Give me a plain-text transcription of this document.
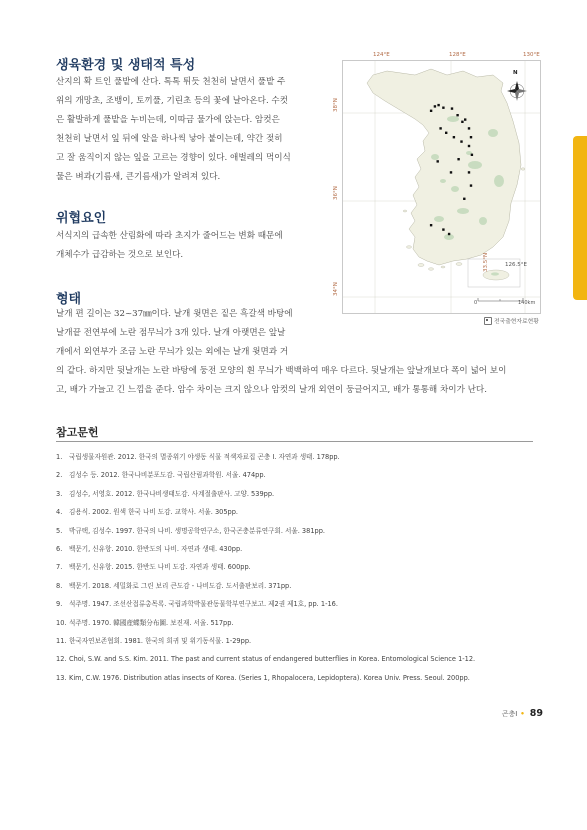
생육환경 및 생태적 특성

산지의 확 트인 풀밭에 산다. 톡톡 튀듯 천천히 날면서 풀밭 주
위의 개망초, 조뱅이, 토끼풀, 기린초 등의 꽃에 날아온다. 수컷
은 활발하게 풀밭을 누비는데, 이따금 물가에 앉는다. 암컷은
천천히 날면서 잎 뒤에 알을 하나씩 낳아 붙이는데, 약간 젖히
고 잘 움직이지 않는 잎을 고르는 경향이 있다. 애벌레의 먹이식
물은 벼과(기름새, 큰기름새)가 알려져 있다.

위협요인

서식지의 급속한 산림화에 따라 초지가 줄어드는 변화 때문에
개체수가 급감하는 것으로 보인다.

형태

날개 편 길이는 32~37㎜이다. 날개 윗면은 짙은 흑갈색 바탕에
날개끝 전연부에 노란 점무늬가 3개 있다. 날개 아랫면은 앞날
개에서 외연부가 조금 노란 무늬가 있는 외에는 날개 윗면과 거
의 같다. 하지만 뒷날개는 노란 바탕에 둥전 모양의 흰 무늬가 백백하여 매우 다르다. 뒷날개는 앞날개보다 폭이 넓어 보이
고, 배가 가늘고 긴 느낌을 준다. 암수 차이는 크지 않으나 암컷의 날개 외연이 둥글어지고, 배가 통통해 차이가 난다.

124°E	128°E	130°E
38°N
36°N
34°N
126.5°E
33.5°N
N
0	140km
전국출현자료현황
참고문헌
1. 국립생물자원관. 2012. 한국의 멸종위기 야생동 식물 적색자료집 곤충 I. 자연과 생태. 178pp.
2. 김성수 등. 2012. 한국나비분포도감. 국립산림과학원. 서울. 474pp.
3. 김성수, 서영호. 2012. 한국나비생태도감. 사계절출판사. 고양. 539pp.
4. 김용식. 2002. 원색 한국 나비 도감. 교학사. 서울. 305pp.
5. 박규택, 김성수. 1997. 한국의 나비. 생명공학연구소, 한국곤충분류연구회. 서울. 381pp.
6. 백문기, 신유항. 2010. 한반도의 나비. 자연과 생태. 430pp.
7. 백문기, 신유항. 2015. 한반도 나비 도감. 자연과 생태. 600pp.
8. 백문기. 2018. 세밀화로 그린 보리 큰도감 - 나비도감. 도서출판보리. 371pp.
9. 석주명. 1947. 조선산접류총목록. 국립과학박물관동물학부연구보고. 제2권 제1호, pp. 1-16.
10. 석주명. 1970. 韓國産蝶類分布圖. 보진재. 서울. 517pp.
11. 한국자연보존협회. 1981. 한국의 희귀 및 위기동식물. 1-29pp.
12. Choi, S.W. and S.S. Kim. 2011. The past and current status of endangered butterflies in Korea. Entomological Science 1-12.
13. Kim, C.W. 1976. Distribution atlas insects of Korea. (Series 1, Rhopalocera, Lepidoptera). Korea Univ. Press. Seoul. 200pp.
곤충Ⅰ • 89
